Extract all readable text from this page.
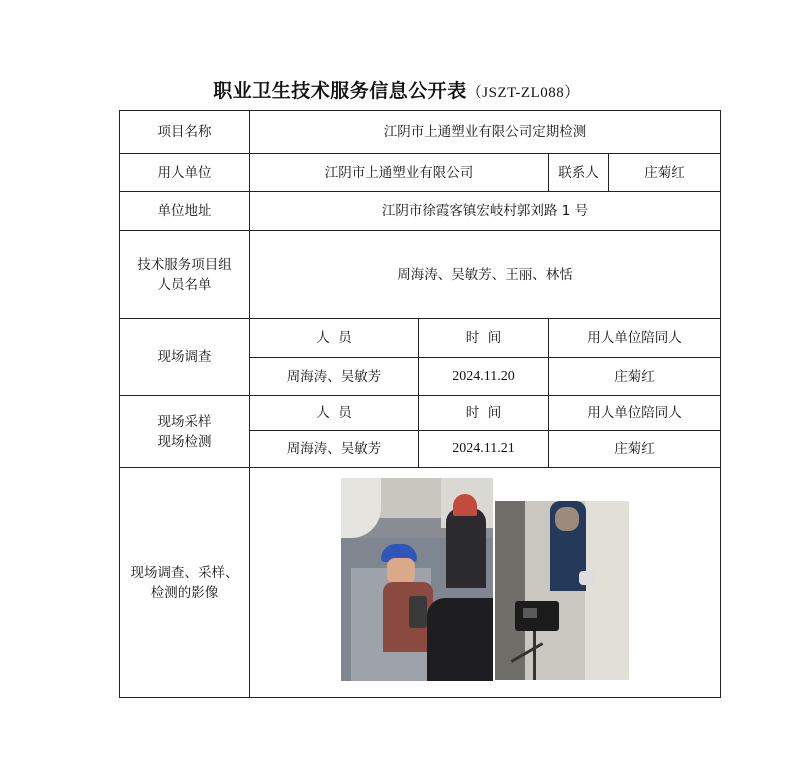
职业卫生技术服务信息公开表（JSZT-ZL088）
项目名称	江阴市上通塑业有限公司定期检测			
用人单位	江阴市上通塑业有限公司		联系人	庄菊红
单位地址	江阴市徐霞客镇宏岐村郭刘路 1 号			

技术服务项目组
人员名单	周海涛、吴敏芳、王丽、林恬			
现场调查	人  员	时  间	用人单位陪同人	
	周海涛、吴敏芳	2024.11.20	庄菊红	

现场采样
现场检测	人  员	时  间	用人单位陪同人	
	周海涛、吴敏芳	2024.11.21	庄菊红	

现场调查、采样、
检测的影像				
